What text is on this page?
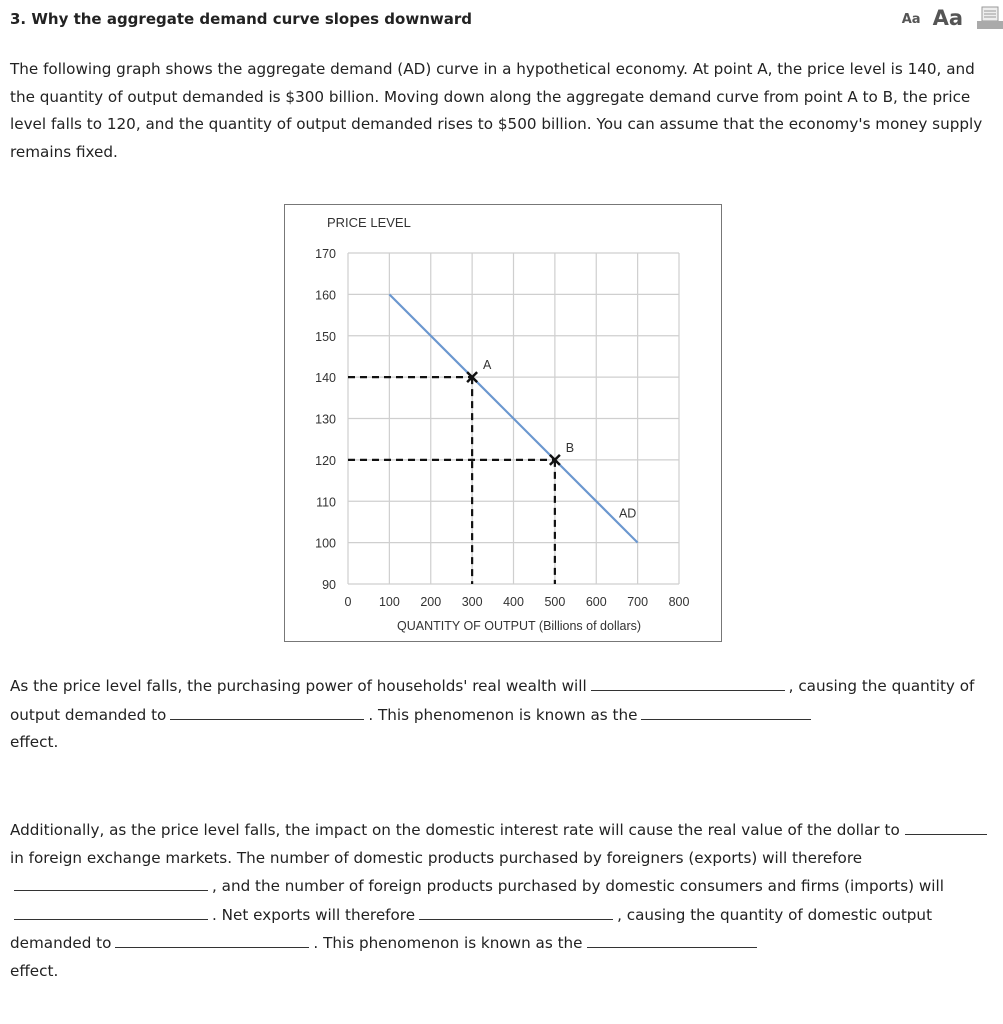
3. Why the aggregate demand curve slopes downward	Aa Aa
The following graph shows the aggregate demand (AD) curve in a hypothetical economy. At point A, the price level is 140, and the quantity of output demanded is $300 billion. Moving down along the aggregate demand curve from point A to B, the price level falls to 120, and the quantity of output demanded rises to $500 billion. You can assume that the economy's money supply remains fixed.
0 100 200 300 400 500 600 700 800
170
160
150
140
130
120
110
100
90
AD
A
B
PRICE LEVEL
QUANTITY OF OUTPUT (Billions of dollars)
As the price level falls, the purchasing power of households' real wealth will	, causing the quantity of output demanded to	. This phenomenon is known as the
effect.
Additionally, as the price level falls, the impact on the domestic interest rate will cause the real value of the dollar to  in foreign exchange markets. The number of domestic products purchased by foreigners (exports) will therefore, and the number of foreign products purchased by domestic consumers and firms (imports) will. Net exports will therefore	, causing the quantity of domestic output demanded to	. This phenomenon is known as the
effect.
